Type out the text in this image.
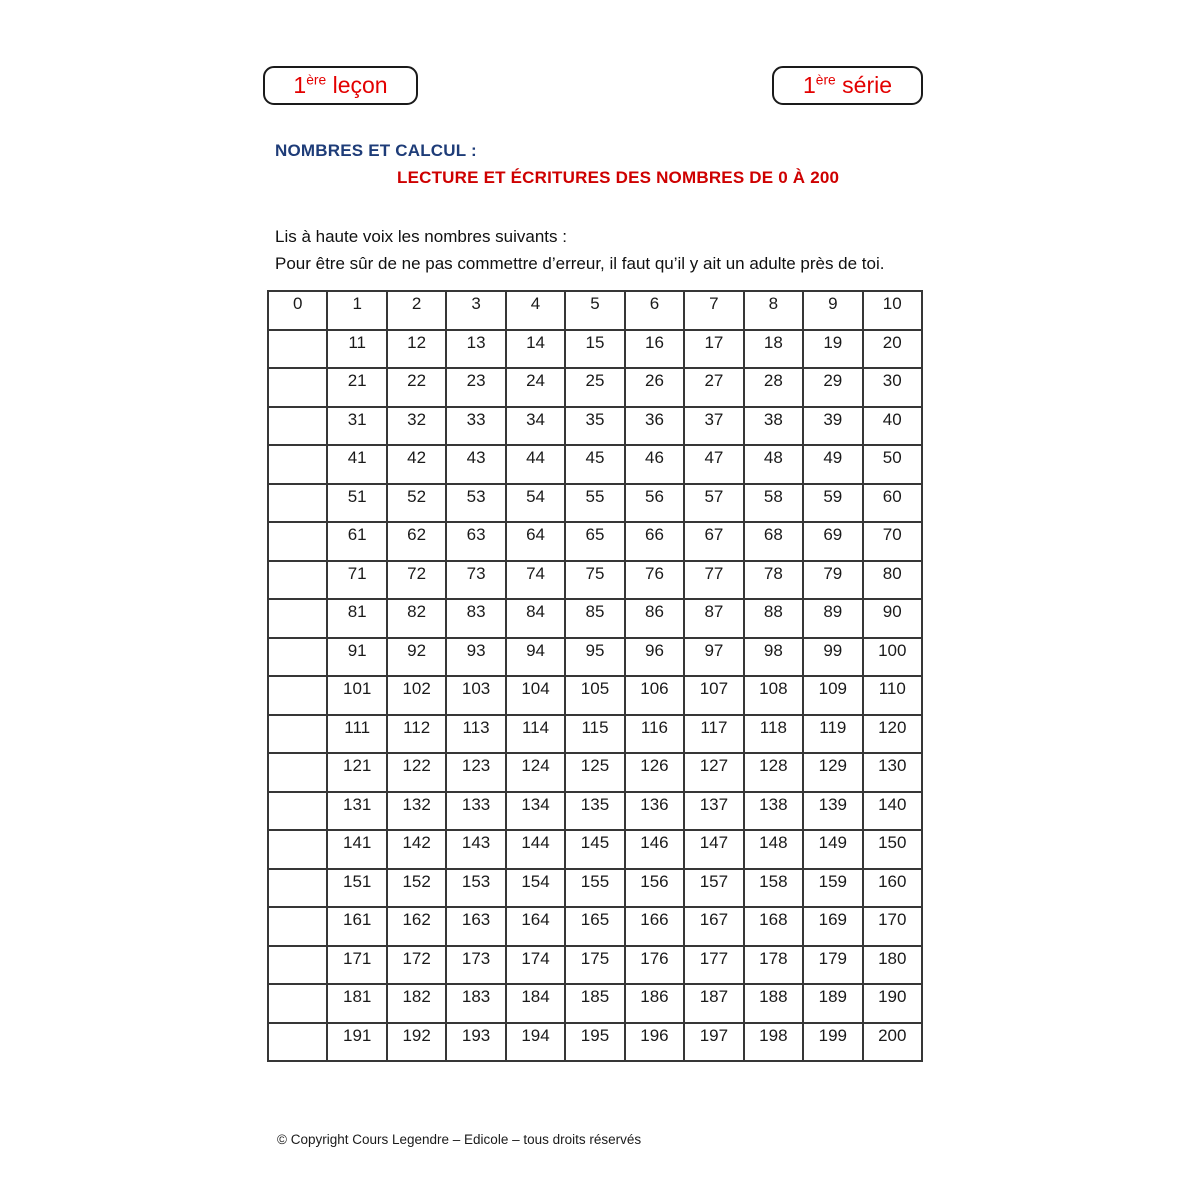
1ère leçon	1ère série
NOMBRES ET CALCUL :
LECTURE ET ÉCRITURES DES NOMBRES DE 0 À 200
Lis à haute voix les nombres suivants :
Pour être sûr de ne pas commettre d’erreur, il faut qu’il y ait un adulte près de toi.
0	1	2	3	4	5	6	7	8	9	10
	11	12	13	14	15	16	17	18	19	20
	21	22	23	24	25	26	27	28	29	30
	31	32	33	34	35	36	37	38	39	40
	41	42	43	44	45	46	47	48	49	50
	51	52	53	54	55	56	57	58	59	60
	61	62	63	64	65	66	67	68	69	70
	71	72	73	74	75	76	77	78	79	80
	81	82	83	84	85	86	87	88	89	90
	91	92	93	94	95	96	97	98	99	100
	101	102	103	104	105	106	107	108	109	110
	111	112	113	114	115	116	117	118	119	120
	121	122	123	124	125	126	127	128	129	130
	131	132	133	134	135	136	137	138	139	140
	141	142	143	144	145	146	147	148	149	150
	151	152	153	154	155	156	157	158	159	160
	161	162	163	164	165	166	167	168	169	170
	171	172	173	174	175	176	177	178	179	180
	181	182	183	184	185	186	187	188	189	190
	191	192	193	194	195	196	197	198	199	200
© Copyright Cours Legendre – Edicole – tous droits réservés
